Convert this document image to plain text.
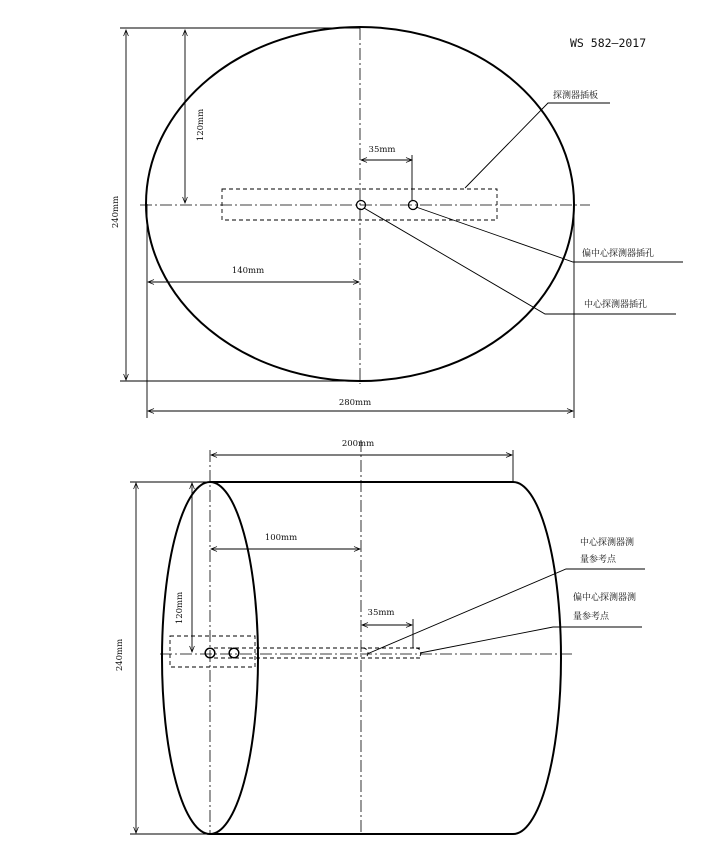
WS 582—2017
240mm
120mm
35mm
140mm
280mm
探测器插板
偏中心探测器插孔
中心探测器插孔
200mm
100mm
240mm
120mm	35mm
中心探测器测
量参考点
偏中心探测器测
量参考点
